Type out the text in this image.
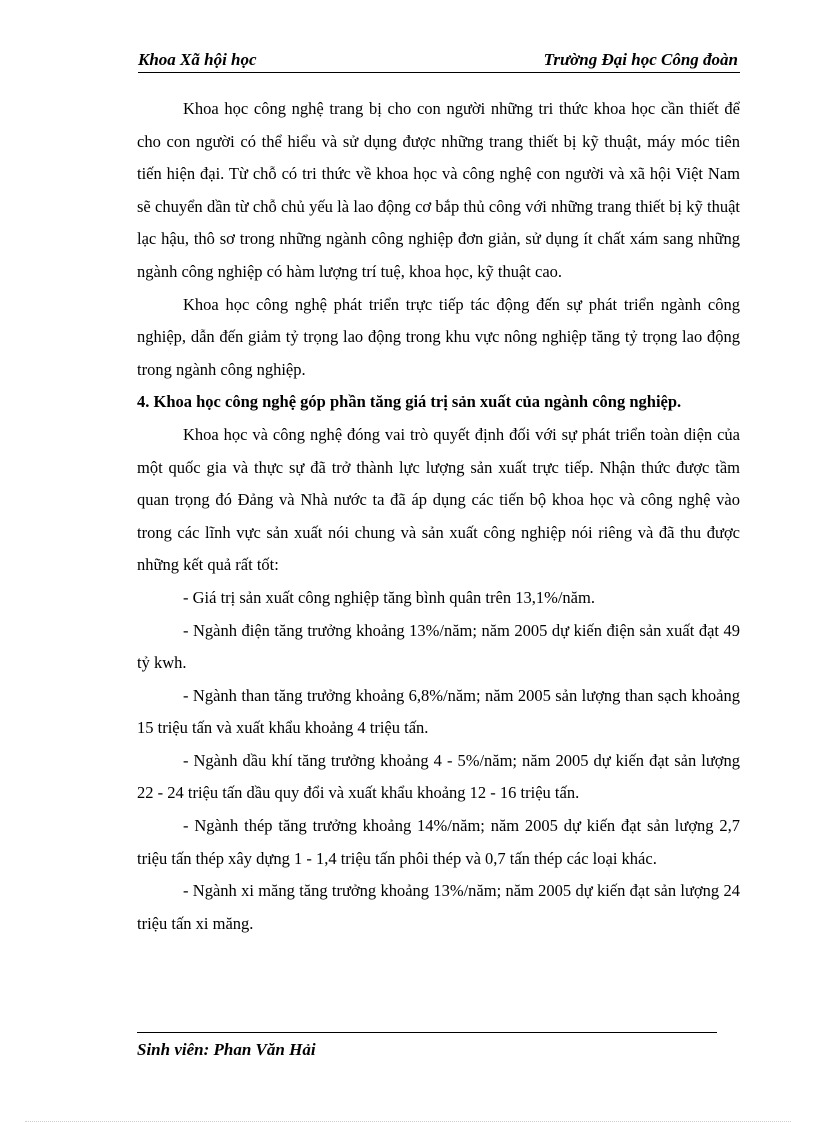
Khoa Xã hội học	Trường Đại học Công đoàn

Khoa học công nghệ trang bị cho con người những tri thức khoa học cần thiết để cho con người có thể hiểu và sử dụng được những trang thiết bị kỹ thuật, máy móc tiên tiến hiện đại. Từ chỗ có tri thức về khoa học và công nghệ con người và xã hội Việt Nam sẽ chuyển dần từ chỗ chủ yếu là lao động cơ bắp thủ công với những trang thiết bị kỹ thuật lạc hậu, thô sơ trong những ngành công nghiệp đơn giản, sử dụng ít chất xám sang những ngành công nghiệp có hàm lượng trí tuệ, khoa học, kỹ thuật cao.

Khoa học công nghệ phát triển trực tiếp tác động đến sự phát triển ngành công nghiệp, dẫn đến giảm tỷ trọng lao động trong khu vực nông nghiệp tăng tỷ trọng lao động trong ngành công nghiệp.

4. Khoa học công nghệ góp phần tăng giá trị sản xuất của ngành công nghiệp.

Khoa học và công nghệ đóng vai trò quyết định đối với sự phát triển toàn diện của một quốc gia và thực sự đã trở thành lực lượng sản xuất trực tiếp. Nhận thức được tầm quan trọng đó Đảng và Nhà nước ta đã áp dụng các tiến bộ khoa học và công nghệ vào trong các lĩnh vực sản xuất nói chung và sản xuất công nghiệp nói riêng và đã thu được những kết quả rất tốt:

- Giá trị sản xuất công nghiệp tăng bình quân trên 13,1%/năm.

- Ngành điện tăng trưởng khoảng 13%/năm; năm 2005 dự kiến điện sản xuất đạt 49 tỷ kwh.

- Ngành than tăng trưởng khoảng 6,8%/năm; năm 2005 sản lượng than sạch khoảng 15 triệu tấn và xuất khẩu khoảng 4 triệu tấn.

- Ngành dầu khí tăng trưởng khoảng 4 - 5%/năm; năm 2005 dự kiến đạt sản lượng 22 - 24 triệu tấn dầu quy đổi và xuất khẩu khoảng 12 - 16 triệu tấn.

- Ngành thép tăng trưởng khoảng 14%/năm; năm 2005 dự kiến đạt sản lượng 2,7 triệu tấn thép xây dựng 1 - 1,4 triệu tấn phôi thép và 0,7 tấn thép các loại khác.

- Ngành xi măng tăng trưởng khoảng 13%/năm; năm 2005 dự kiến đạt sản lượng 24 triệu tấn xi măng.

Sinh viên: Phan Văn Hải
